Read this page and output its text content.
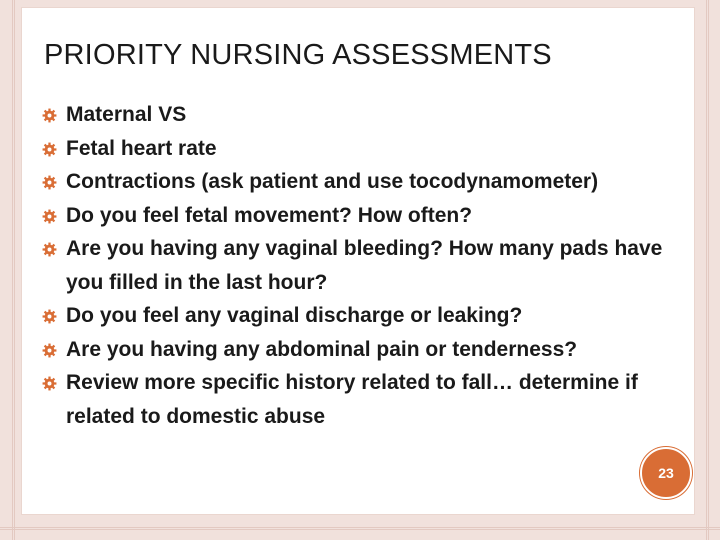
PRIORITY NURSING ASSESSMENTS
Maternal VS
Fetal heart rate
Contractions (ask patient and use tocodynamometer)
Do you feel fetal movement? How often?
Are you having any vaginal bleeding? How many pads have you filled in the last hour?
Do you feel any vaginal discharge or leaking?
Are you having any abdominal pain or tenderness?
Review more specific history related to fall… determine if related to domestic abuse
23
